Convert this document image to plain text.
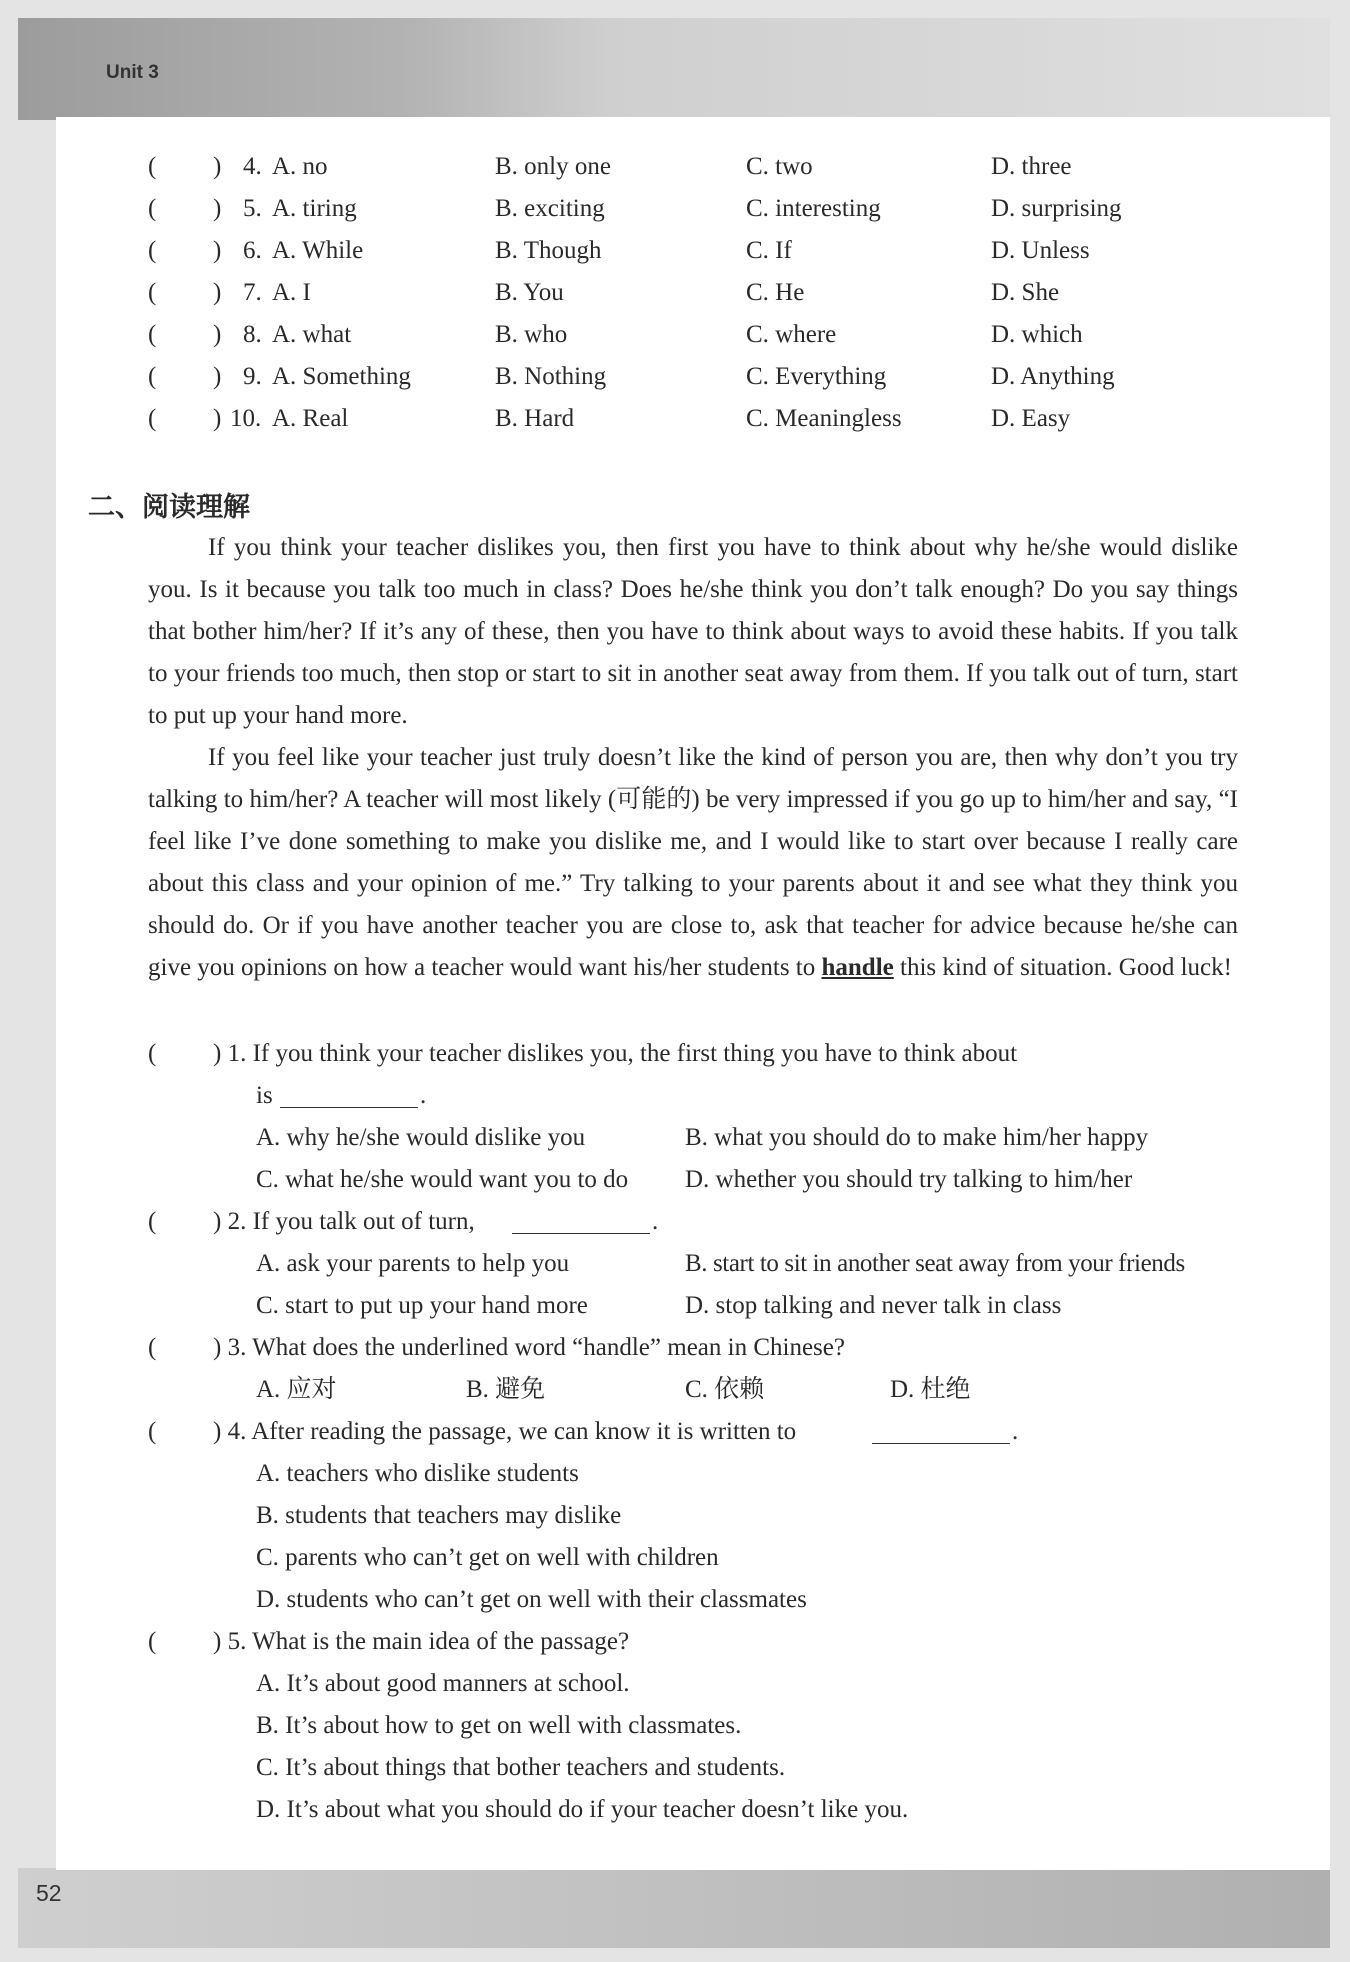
Unit 3
52
( ) 4. A. no	B. only one	C. two	D. three
( ) 5. A. tiring	B. exciting	C. interesting	D. surprising
( ) 6. A. While	B. Though	C. If	D. Unless
( ) 7. A. I	B. You	C. He	D. She
( ) 8. A. what	B. who	C. where	D. which
( ) 9. A. Something	B. Nothing	C. Everything	D. Anything
( ) 10. A. Real	B. Hard	C. Meaningless	D. Easy
二、阅读理解

If you think your teacher dislikes you, then first you have to think about why he/she would dislike you. Is it because you talk too much in class? Does he/she think you don’t talk enough? Do you say things that bother him/her? If it’s any of these, then you have to think about ways to avoid these habits. If you talk to your friends too much, then stop or start to sit in another seat away from them. If you talk out of turn, start to put up your hand more.

If you feel like your teacher just truly doesn’t like the kind of person you are, then why don’t you try talking to him/her? A teacher will most likely (可能的) be very impressed if you go up to him/her and say, “I feel like I’ve done something to make you dislike me, and I would like to start over because I really care about this class and your opinion of me.” Try talking to your parents about it and see what they think you should do. Or if you have another teacher you are close to, ask that teacher for advice because he/she can give you opinions on how a teacher would want his/her students to handle this kind of situation. Good luck!

( ) 1. If you think your teacher dislikes you, the first thing you have to think about
is	.
A. why he/she would dislike you	B. what you should do to make him/her happy
C. what he/she would want you to do D. whether you should try talking to him/her
( ) 2. If you talk out of turn,	.
A. ask your parents to help you	B. start to sit in another seat away from your friends
C. start to put up your hand more	D. stop talking and never talk in class
( ) 3. What does the underlined word “handle” mean in Chinese?
A. 应对	B. 避免	C. 依赖	D. 杜绝
( ) 4. After reading the passage, we can know it is written to	.
A. teachers who dislike students
B. students that teachers may dislike
C. parents who can’t get on well with children
D. students who can’t get on well with their classmates
( ) 5. What is the main idea of the passage?
A. It’s about good manners at school.
B. It’s about how to get on well with classmates.
C. It’s about things that bother teachers and students.
D. It’s about what you should do if your teacher doesn’t like you.
